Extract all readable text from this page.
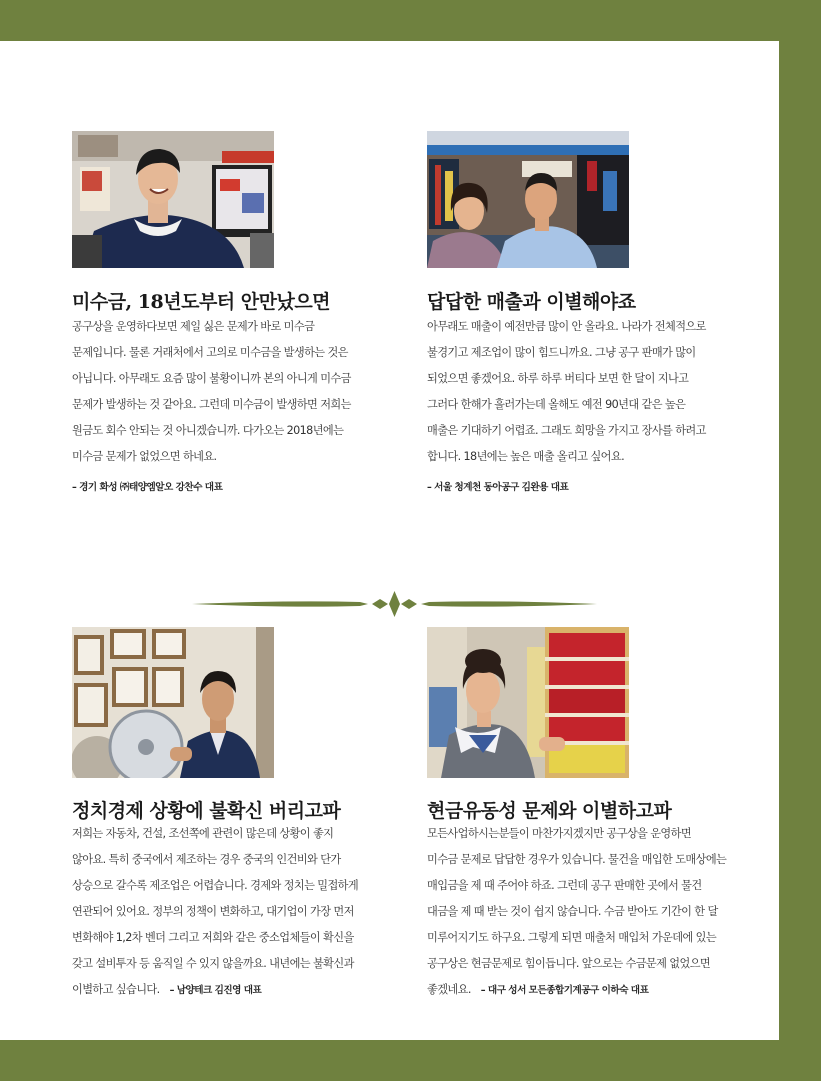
미수금, 18년도부터 안만났으면
공구상을 운영하다보면 제일 싫은 문제가 바로 미수금
문제입니다. 물론 거래처에서 고의로 미수금을 발생하는 것은
아닙니다. 아무래도 요즘 많이 불황이니까 본의 아니게 미수금
문제가 발생하는 것 같아요. 그런데 미수금이 발생하면 저희는
원금도 회수 안되는 것 아니겠습니까. 다가오는 2018년에는
미수금 문제가 없었으면 하네요.
– 경기 화성 ㈜태양엠알오 강찬수 대표
답답한 매출과 이별해야죠
아무래도 매출이 예전만큼 많이 안 올라요. 나라가 전체적으로
불경기고 제조업이 많이 힘드니까요. 그냥 공구 판매가 많이
되었으면 좋겠어요. 하루 하루 버티다 보면 한 달이 지나고
그러다 한해가 흘러가는데 올해도 예전 90년대 같은 높은
매출은 기대하기 어렵죠. 그래도 희망을 가지고 장사를 하려고
합니다. 18년에는 높은 매출 올리고 싶어요.
– 서울 청계천 동아공구 김완용 대표
정치경제 상황에 불확신 버리고파
저희는 자동차, 건설, 조선쪽에 관련이 많은데 상황이 좋지
않아요. 특히 중국에서 제조하는 경우 중국의 인건비와 단가
상승으로 갈수록 제조업은 어렵습니다. 경제와 정치는 밀접하게
연관되어 있어요. 정부의 정책이 변화하고, 대기업이 가장 먼저
변화해야 1,2차 벤더 그리고 저희와 같은 중소업체들이 확신을
갖고 설비투자 등 움직일 수 있지 않을까요. 내년에는 불확신과
이별하고 싶습니다. – 남양테크 김진영 대표
현금유동성 문제와 이별하고파
모든사업하시는분들이 마찬가지겠지만 공구상을 운영하면
미수금 문제로 답답한 경우가 있습니다. 물건을 매입한 도매상에는
매입금을 제 때 주어야 하죠. 그런데 공구 판매한 곳에서 물건
대금을 제 때 받는 것이 쉽지 않습니다. 수금 받아도 기간이 한 달
미루어지기도 하구요. 그렇게 되면 매출처 매입처 가운데에 있는
공구상은 현금문제로 힘이듭니다. 앞으로는 수금문제 없었으면
좋겠네요. – 대구 성서 모든종합기계공구 이하숙 대표
